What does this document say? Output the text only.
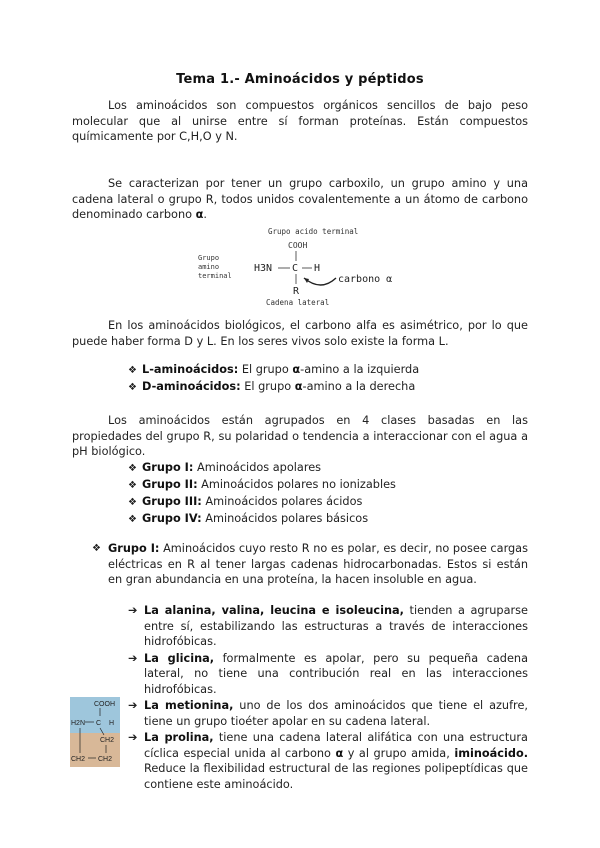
Tema 1.- Aminoácidos y péptidos

Los aminoácidos son compuestos orgánicos sencillos de bajo peso molecular que al unirse entre sí forman proteínas. Están compuestos químicamente por C,H,O y N.

Se caracterizan por tener un grupo carboxilo, un grupo amino y una cadena lateral o grupo R, todos unidos covalentemente a un átomo de carbono denominado carbono α.

Grupo acido terminal
COOH
Grupo
amino
terminal
H3N C H
R
carbono α
Cadena lateral

En los aminoácidos biológicos, el carbono alfa es asimétrico, por lo que puede haber forma D y L. En los seres vivos solo existe la forma L.

❖ L-aminoácidos: El grupo α-amino a la izquierda
❖ D-aminoácidos: El grupo α-amino a la derecha

Los aminoácidos están agrupados en 4 clases basadas en las propiedades del grupo R, su polaridad o tendencia a interaccionar con el agua a pH biológico.

❖ Grupo I: Aminoácidos apolares
❖ Grupo II: Aminoácidos polares no ionizables
❖ Grupo III: Aminoácidos polares ácidos
❖ Grupo IV: Aminoácidos polares básicos
❖ Grupo I: Aminoácidos cuyo resto R no es polar, es decir, no posee cargas eléctricas en R al tener largas cadenas hidrocarbonadas. Estos si están en gran abundancia en una proteína, la hacen insoluble en agua.
➔ La alanina, valina, leucina e isoleucina, tienden a agruparse entre sí, estabilizando las estructuras a través de interacciones hidrofóbicas.
➔ La glicina, formalmente es apolar, pero su pequeña cadena lateral, no tiene una contribución real en las interacciones hidrofóbicas.
➔ La metionina, uno de los dos aminoácidos que tiene el azufre, tiene un grupo tioéter apolar en su cadena lateral.
➔ La prolina, tiene una cadena lateral alifática con una estructura cíclica especial unida al carbono α y al grupo amida, iminoácido. Reduce la flexibilidad estructural de las regiones polipeptídicas que contiene este aminoácido.
COOH
H2N C H
CH2
CH2 CH2
